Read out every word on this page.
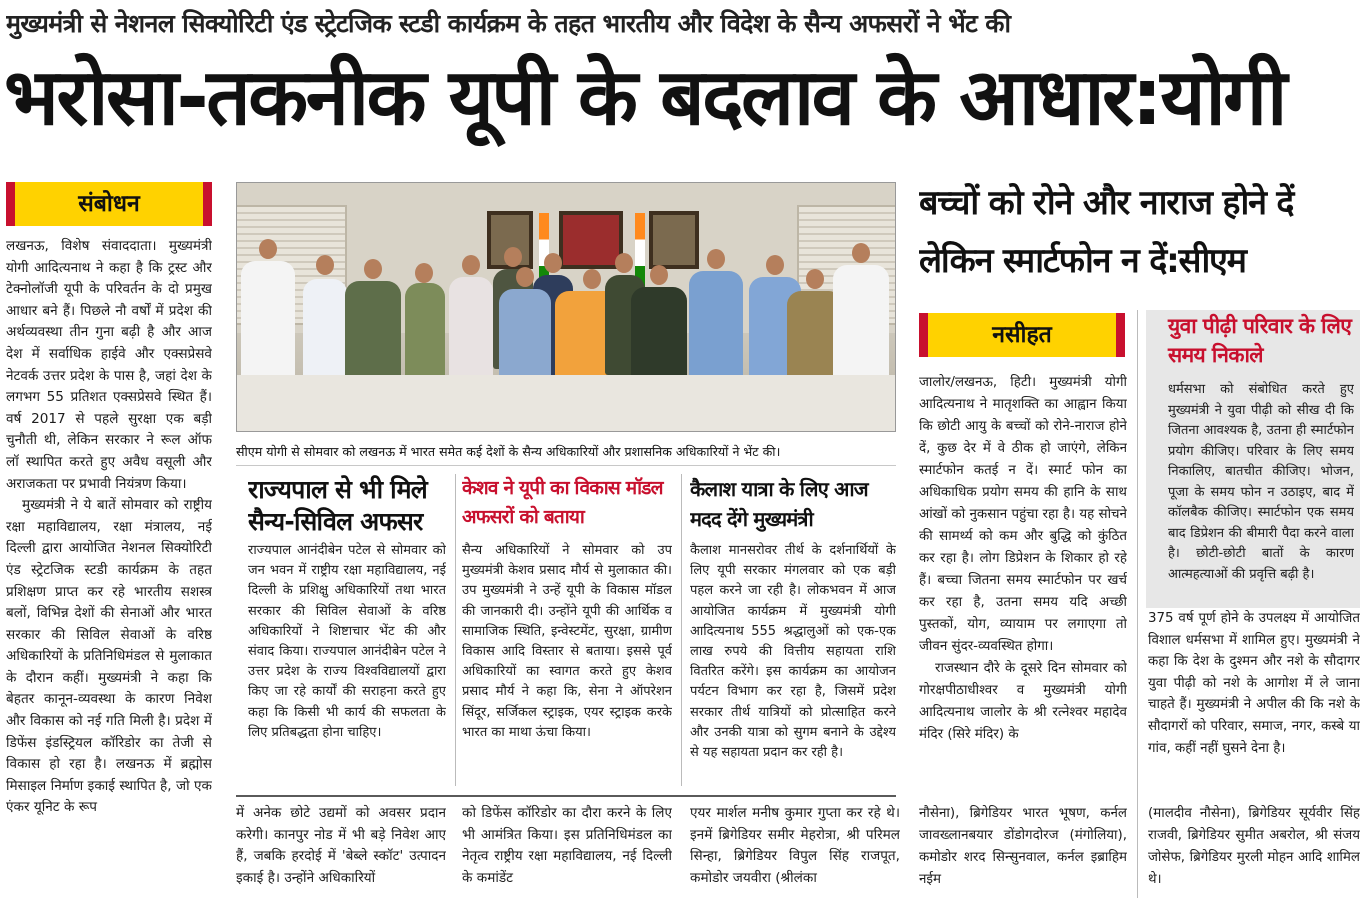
मुख्यमंत्री से नेशनल सिक्योरिटी एंड स्ट्रेटजिक स्टडी कार्यक्रम के तहत भारतीय और विदेश के सैन्य अफसरों ने भेंट की
भरोसा-तकनीक यूपी के बदलाव के आधार:योगी
संबोधन

लखनऊ, विशेष संवाददाता। मुख्यमंत्री योगी आदित्यनाथ ने कहा है कि ट्रस्ट और टेक्नोलॉजी यूपी के परिवर्तन के दो प्रमुख आधार बने हैं। पिछले नौ वर्षों में प्रदेश की अर्थव्यवस्था तीन गुना बढ़ी है और आज देश में सर्वाधिक हाईवे और एक्सप्रेसवे नेटवर्क उत्तर प्रदेश के पास है, जहां देश के लगभग 55 प्रतिशत एक्सप्रेसवे स्थित हैं। वर्ष 2017 से पहले सुरक्षा एक बड़ी चुनौती थी, लेकिन सरकार ने रूल ऑफ लॉ स्थापित करते हुए अवैध वसूली और अराजकता पर प्रभावी नियंत्रण किया।

मुख्यमंत्री ने ये बातें सोमवार को राष्ट्रीय रक्षा महाविद्यालय, रक्षा मंत्रालय, नई दिल्ली द्वारा आयोजित नेशनल सिक्योरिटी एंड स्ट्रेटजिक स्टडी कार्यक्रम के तहत प्रशिक्षण प्राप्त कर रहे भारतीय सशस्त्र बलों, विभिन्न देशों की सेनाओं और भारत सरकार की सिविल सेवाओं के वरिष्ठ अधिकारियों के प्रतिनिधिमंडल से मुलाकात के दौरान कहीं। मुख्यमंत्री ने कहा कि बेहतर कानून-व्यवस्था के कारण निवेश और विकास को नई गति मिली है। प्रदेश में डिफेंस इंडस्ट्रियल कॉरिडोर का तेजी से विकास हो रहा है। लखनऊ में ब्रह्मोस मिसाइल निर्माण इकाई स्थापित है, जो एक एंकर यूनिट के रूप

सीएम योगी से सोमवार को लखनऊ में भारत समेत कई देशों के सैन्य अधिकारियों और प्रशासनिक अधिकारियों ने भेंट की।
राज्यपाल से भी मिले सैन्य-सिविल अफसर
राज्यपाल आनंदीबेन पटेल से सोमवार को जन भवन में राष्ट्रीय रक्षा महाविद्यालय, नई दिल्ली के प्रशिक्षु अधिकारियों तथा भारत सरकार की सिविल सेवाओं के वरिष्ठ अधिकारियों ने शिष्टाचार भेंट की और संवाद किया। राज्यपाल आनंदीबेन पटेल ने उत्तर प्रदेश के राज्य विश्वविद्यालयों द्वारा किए जा रहे कार्यों की सराहना करते हुए कहा कि किसी भी कार्य की सफलता के लिए प्रतिबद्धता होना चाहिए।
केशव ने यूपी का विकास मॉडल अफसरों को बताया
सैन्य अधिकारियों ने सोमवार को उप मुख्यमंत्री केशव प्रसाद मौर्य से मुलाकात की। उप मुख्यमंत्री ने उन्हें यूपी के विकास मॉडल की जानकारी दी। उन्होंने यूपी की आर्थिक व सामाजिक स्थिति, इन्वेस्टमेंट, सुरक्षा, ग्रामीण विकास आदि विस्तार से बताया। इससे पूर्व अधिकारियों का स्वागत करते हुए केशव प्रसाद मौर्य ने कहा कि, सेना ने ऑपरेशन सिंदूर, सर्जिकल स्ट्राइक, एयर स्ट्राइक करके भारत का माथा ऊंचा किया।
कैलाश यात्रा के लिए आज मदद देंगे मुख्यमंत्री
कैलाश मानसरोवर तीर्थ के दर्शनार्थियों के लिए यूपी सरकार मंगलवार को एक बड़ी पहल करने जा रही है। लोकभवन में आज आयोजित कार्यक्रम में मुख्यमंत्री योगी आदित्यनाथ 555 श्रद्धालुओं को एक-एक लाख रुपये की वित्तीय सहायता राशि वितरित करेंगे। इस कार्यक्रम का आयोजन पर्यटन विभाग कर रहा है, जिसमें प्रदेश सरकार तीर्थ यात्रियों को प्रोत्साहित करने और उनकी यात्रा को सुगम बनाने के उद्देश्य से यह सहायता प्रदान कर रही है।
में अनेक छोटे उद्यमों को अवसर प्रदान करेगी। कानपुर नोड में भी बड़े निवेश आए हैं, जबकि हरदोई में 'बेब्ले स्कॉट' उत्पादन इकाई है। उन्होंने अधिकारियों
को डिफेंस कॉरिडोर का दौरा करने के लिए भी आमंत्रित किया। इस प्रतिनिधिमंडल का नेतृत्व राष्ट्रीय रक्षा महाविद्यालय, नई दिल्ली के कमांडेंट
एयर मार्शल मनीष कुमार गुप्ता कर रहे थे। इनमें ब्रिगेडियर समीर मेहरोत्रा, श्री परिमल सिन्हा, ब्रिगेडियर विपुल सिंह राजपूत, कमोडोर जयवीरा (श्रीलंका
बच्चों को रोने और नाराज होने दें लेकिन स्मार्टफोन न दें:सीएम
नसीहत

जालोर/लखनऊ, हिटी। मुख्यमंत्री योगी आदित्यनाथ ने मातृशक्ति का आह्वान किया कि छोटी आयु के बच्चों को रोने-नाराज होने दें, कुछ देर में वे ठीक हो जाएंगे, लेकिन स्मार्टफोन कतई न दें। स्मार्ट फोन का अधिकाधिक प्रयोग समय की हानि के साथ आंखों को नुकसान पहुंचा रहा है। यह सोचने की सामर्थ्य को कम और बुद्धि को कुंठित कर रहा है। लोग डिप्रेशन के शिकार हो रहे हैं। बच्चा जितना समय स्मार्टफोन पर खर्च कर रहा है, उतना समय यदि अच्छी पुस्तकों, योग, व्यायाम पर लगाएगा तो जीवन सुंदर-व्यवस्थित होगा।

राजस्थान दौरे के दूसरे दिन सोमवार को गोरक्षपीठाधीश्वर व मुख्यमंत्री योगी आदित्यनाथ जालोर के श्री रत्नेश्वर महादेव मंदिर (सिरे मंदिर) के

युवा पीढ़ी परिवार के लिए समय निकाले
धर्मसभा को संबोधित करते हुए मुख्यमंत्री ने युवा पीढ़ी को सीख दी कि जितना आवश्यक है, उतना ही स्मार्टफोन प्रयोग कीजिए। परिवार के लिए समय निकालिए, बातचीत कीजिए। भोजन, पूजा के समय फोन न उठाइए, बाद में कॉलबैक कीजिए। स्मार्टफोन एक समय बाद डिप्रेशन की बीमारी पैदा करने वाला है। छोटी-छोटी बातों के कारण आत्महत्याओं की प्रवृत्ति बढ़ी है।
375 वर्ष पूर्ण होने के उपलक्ष्य में आयोजित विशाल धर्मसभा में शामिल हुए। मुख्यमंत्री ने कहा कि देश के दुश्मन और नशे के सौदागर युवा पीढ़ी को नशे के आगोश में ले जाना चाहते हैं। मुख्यमंत्री ने अपील की कि नशे के सौदागरों को परिवार, समाज, नगर, कस्बे या गांव, कहीं नहीं घुसने देना है।
नौसेना), ब्रिगेडियर भारत भूषण, कर्नल जावख्लानबयार डोंडोगदोरज (मंगोलिया), कमोडोर शरद सिन्सुनवाल, कर्नल इब्राहिम नईम
(मालदीव नौसेना), ब्रिगेडियर सूर्यवीर सिंह राजवी, ब्रिगेडियर सुमीत अबरोल, श्री संजय जोसेफ, ब्रिगेडियर मुरली मोहन आदि शामिल थे।
